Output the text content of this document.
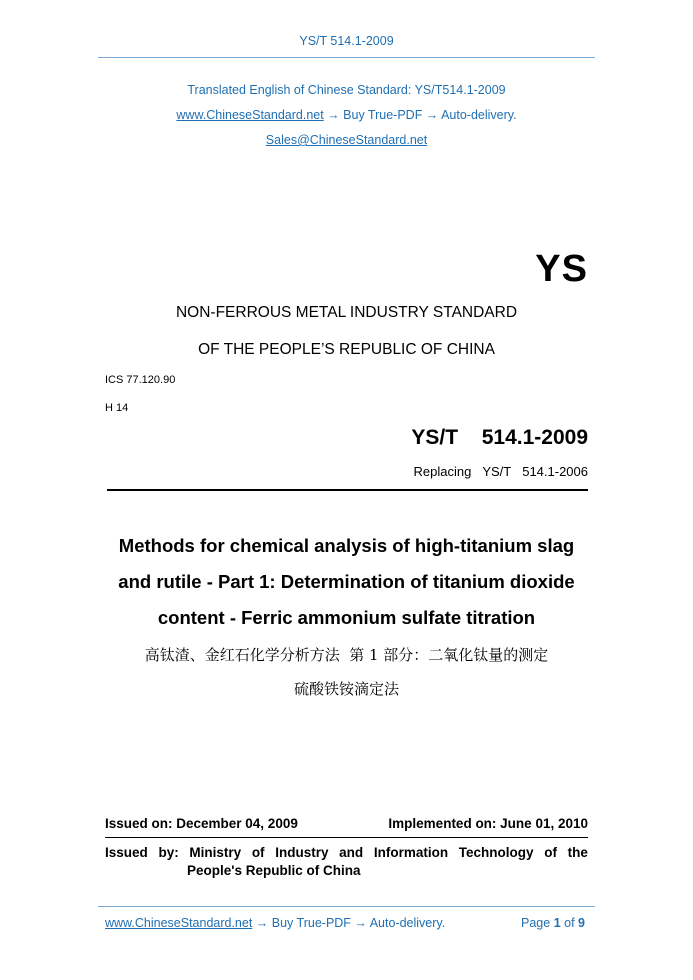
YS/T 514.1-2009
Translated English of Chinese Standard: YS/T514.1-2009
www.ChineseStandard.net → Buy True-PDF → Auto-delivery.
Sales@ChineseStandard.net
YS
NON-FERROUS METAL INDUSTRY STANDARD
OF THE PEOPLE’S REPUBLIC OF CHINA
ICS 77.120.90
H 14
YS/T  514.1-2009
Replacing  YS/T  514.1-2006
Methods for chemical analysis of high-titanium slag
and rutile - Part 1: Determination of titanium dioxide
content - Ferric ammonium sulfate titration
高钛渣、金红石化学分析方法  第 1 部分：二氧化钛量的测定
硫酸铁铵滴定法
Issued on: December 04, 2009	Implemented on: June 01, 2010
Issued by: Ministry of Industry and Information Technology of the
People's Republic of China
www.ChineseStandard.net → Buy True-PDF → Auto-delivery.	Page 1 of 9
